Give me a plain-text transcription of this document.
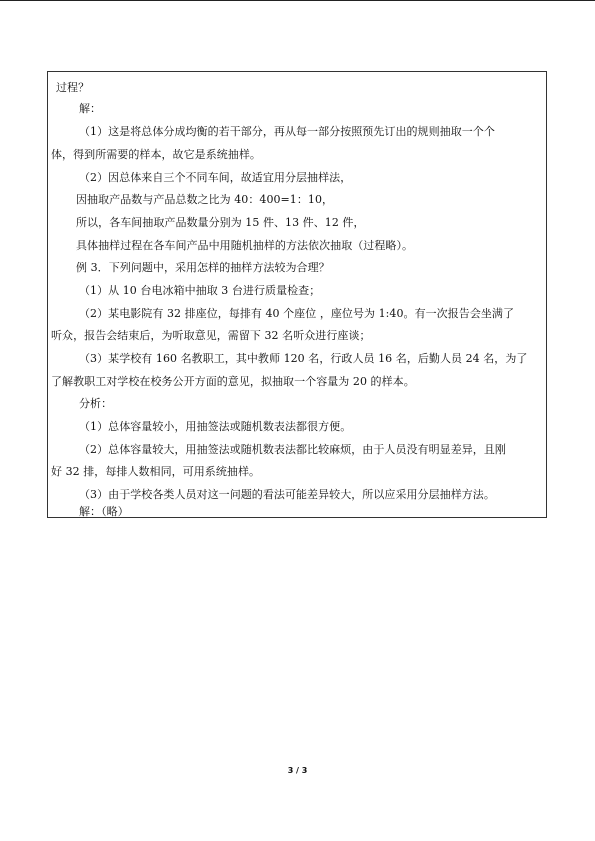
过程？
解：
（1）这是将总体分成均衡的若干部分，再从每一部分按照预先订出的规则抽取一个个
体，得到所需要的样本，故它是系统抽样。
（2）因总体来自三个不同车间，故适宜用分层抽样法，
因抽取产品数与产品总数之比为 40：400=1：10，
所以，各车间抽取产品数量分别为 15 件、13 件、12 件，
具体抽样过程在各车间产品中用随机抽样的方法依次抽取（过程略）。
例 3．下列问题中，采用怎样的抽样方法较为合理？
（1）从 10 台电冰箱中抽取 3 台进行质量检查；
（2）某电影院有 32 排座位，每排有 40 个座位 ，座位号为 1:40。有一次报告会坐满了
听众，报告会结束后，为听取意见，需留下 32 名听众进行座谈；
（3）某学校有 160 名教职工，其中教师 120 名，行政人员 16 名，后勤人员 24 名，为了
了解教职工对学校在校务公开方面的意见，拟抽取一个容量为 20 的样本。
分析：
（1）总体容量较小，用抽签法或随机数表法都很方便。
（2）总体容量较大，用抽签法或随机数表法都比较麻烦，由于人员没有明显差异，且刚
好 32 排，每排人数相同，可用系统抽样。
（3）由于学校各类人员对这一问题的看法可能差异较大，所以应采用分层抽样方法。
解：（略）
3 / 3
